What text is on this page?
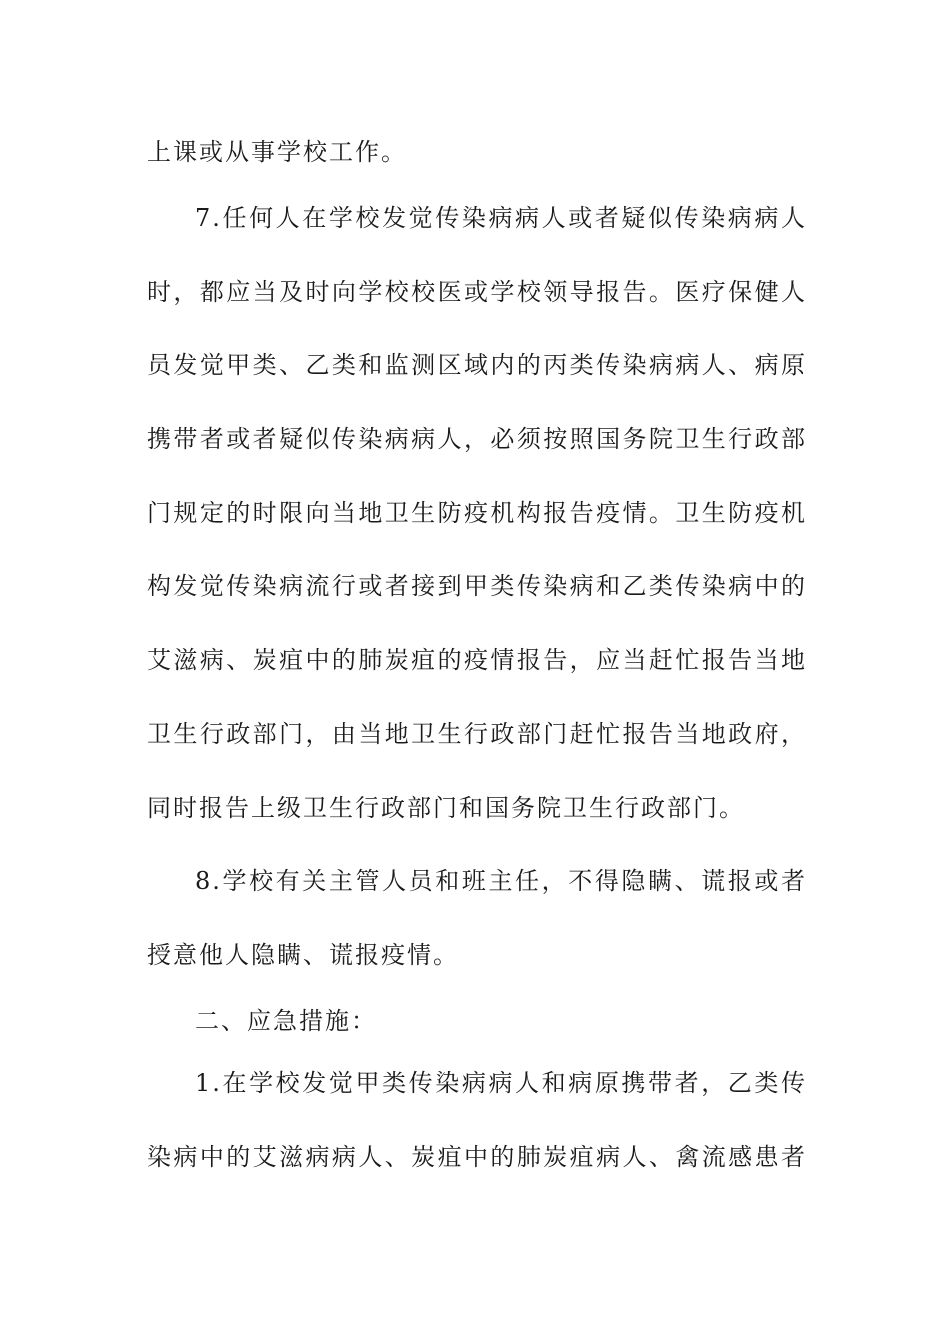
上课或从事学校工作。
7.任何人在学校发觉传染病病人或者疑似传染病病人
时，都应当及时向学校校医或学校领导报告。医疗保健人
员发觉甲类、乙类和监测区域内的丙类传染病病人、病原
携带者或者疑似传染病病人，必须按照国务院卫生行政部
门规定的时限向当地卫生防疫机构报告疫情。卫生防疫机
构发觉传染病流行或者接到甲类传染病和乙类传染病中的
艾滋病、炭疽中的肺炭疽的疫情报告，应当赶忙报告当地
卫生行政部门，由当地卫生行政部门赶忙报告当地政府，
同时报告上级卫生行政部门和国务院卫生行政部门。
8.学校有关主管人员和班主任，不得隐瞒、谎报或者
授意他人隐瞒、谎报疫情。
二、应急措施：
1.在学校发觉甲类传染病病人和病原携带者，乙类传
染病中的艾滋病病人、炭疽中的肺炭疽病人、禽流感患者
